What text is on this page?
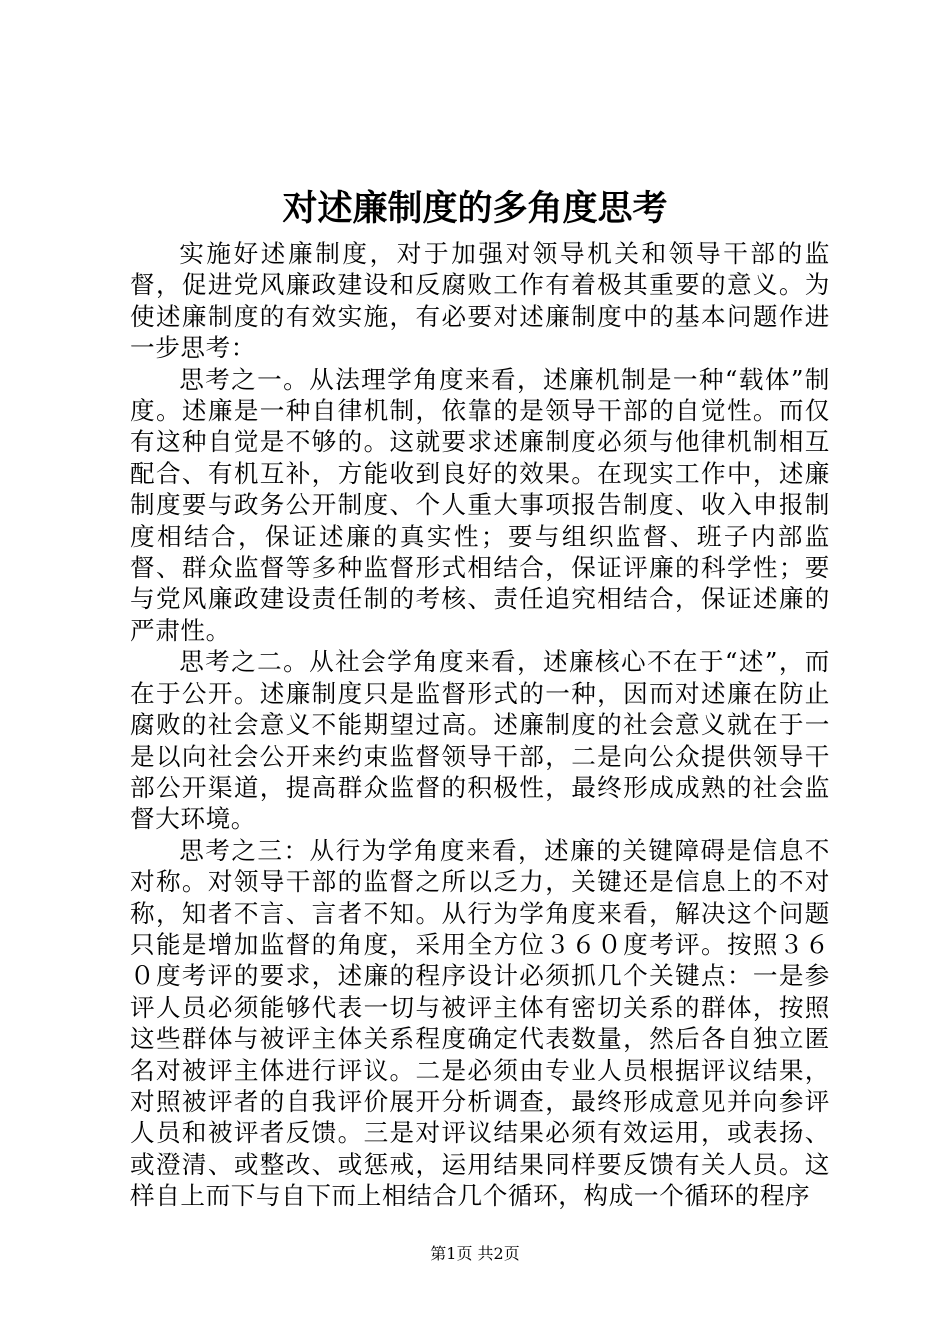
对述廉制度的多角度思考

实施好述廉制度，对于加强对领导机关和领导干部的监督，促进党风廉政建设和反腐败工作有着极其重要的意义。为使述廉制度的有效实施，有必要对述廉制度中的基本问题作进一步思考：

思考之一。从法理学角度来看，述廉机制是一种“载体”制度。述廉是一种自律机制，依靠的是领导干部的自觉性。而仅有这种自觉是不够的。这就要求述廉制度必须与他律机制相互配合、有机互补，方能收到良好的效果。在现实工作中，述廉制度要与政务公开制度、个人重大事项报告制度、收入申报制度相结合，保证述廉的真实性；要与组织监督、班子内部监督、群众监督等多种监督形式相结合，保证评廉的科学性；要与党风廉政建设责任制的考核、责任追究相结合，保证述廉的严肃性。

思考之二。从社会学角度来看，述廉核心不在于“述”，而在于公开。述廉制度只是监督形式的一种，因而对述廉在防止腐败的社会意义不能期望过高。述廉制度的社会意义就在于一是以向社会公开来约束监督领导干部，二是向公众提供领导干部公开渠道，提高群众监督的积极性，最终形成成熟的社会监督大环境。

思考之三：从行为学角度来看，述廉的关键障碍是信息不对称。对领导干部的监督之所以乏力，关键还是信息上的不对称，知者不言、言者不知。从行为学角度来看，解决这个问题只能是增加监督的角度，采用全方位３６０度考评。按照３６０度考评的要求，述廉的程序设计必须抓几个关键点：一是参评人员必须能够代表一切与被评主体有密切关系的群体，按照这些群体与被评主体关系程度确定代表数量，然后各自独立匿名对被评主体进行评议。二是必须由专业人员根据评议结果，对照被评者的自我评价展开分析调查，最终形成意见并向参评人员和被评者反馈。三是对评议结果必须有效运用，或表扬、或澄清、或整改、或惩戒，运用结果同样要反馈有关人员。这样自上而下与自下而上相结合几个循环，构成一个循环的程序

第1页 共2页
